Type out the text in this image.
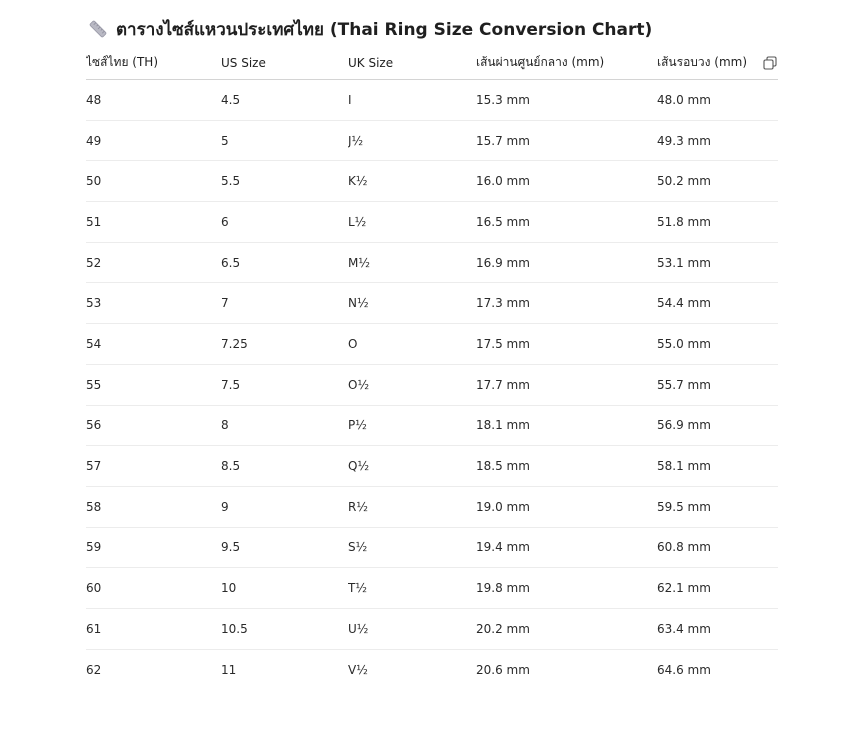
ตารางไซส์แหวนประเทศไทย (Thai Ring Size Conversion Chart)
ไซส์ไทย (TH)	US Size	UK Size	เส้นผ่านศูนย์กลาง (mm)	เส้นรอบวง (mm)
48	4.5	I	15.3 mm	48.0 mm
49	5	J½	15.7 mm	49.3 mm
50	5.5	K½	16.0 mm	50.2 mm
51	6	L½	16.5 mm	51.8 mm
52	6.5	M½	16.9 mm	53.1 mm
53	7	N½	17.3 mm	54.4 mm
54	7.25	O	17.5 mm	55.0 mm
55	7.5	O½	17.7 mm	55.7 mm
56	8	P½	18.1 mm	56.9 mm
57	8.5	Q½	18.5 mm	58.1 mm
58	9	R½	19.0 mm	59.5 mm
59	9.5	S½	19.4 mm	60.8 mm
60	10	T½	19.8 mm	62.1 mm
61	10.5	U½	20.2 mm	63.4 mm
62	11	V½	20.6 mm	64.6 mm
